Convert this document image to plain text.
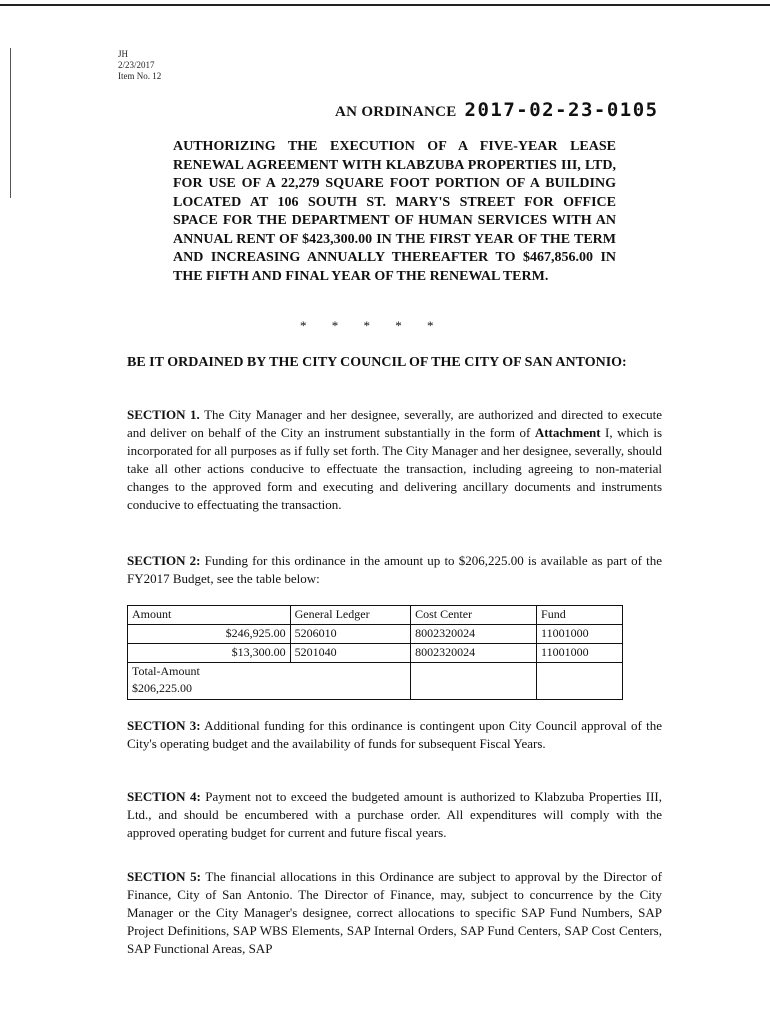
JH
2/23/2017
Item No. 12
AN ORDINANCE 2017-02-23-0105
AUTHORIZING THE EXECUTION OF A FIVE-YEAR LEASE RENEWAL AGREEMENT WITH KLABZUBA PROPERTIES III, LTD, FOR USE OF A 22,279 SQUARE FOOT PORTION OF A BUILDING LOCATED AT 106 SOUTH ST. MARY'S STREET FOR OFFICE SPACE FOR THE DEPARTMENT OF HUMAN SERVICES WITH AN ANNUAL RENT OF $423,300.00 IN THE FIRST YEAR OF THE TERM AND INCREASING ANNUALLY THEREAFTER TO $467,856.00 IN THE FIFTH AND FINAL YEAR OF THE RENEWAL TERM.
* * * * *
BE IT ORDAINED BY THE CITY COUNCIL OF THE CITY OF SAN ANTONIO:
SECTION 1. The City Manager and her designee, severally, are authorized and directed to execute and deliver on behalf of the City an instrument substantially in the form of Attachment I, which is incorporated for all purposes as if fully set forth. The City Manager and her designee, severally, should take all other actions conducive to effectuate the transaction, including agreeing to non-material changes to the approved form and executing and delivering ancillary documents and instruments conducive to effectuating the transaction.
SECTION 2: Funding for this ordinance in the amount up to $206,225.00 is available as part of the FY2017 Budget, see the table below:
Amount	General Ledger	Cost Center	Fund
$246,925.00	5206010	8002320024	11001000
$13,300.00	5201040	8002320024	11001000

Total-Amount
$206,225.00			

SECTION 3: Additional funding for this ordinance is contingent upon City Council approval of the City's operating budget and the availability of funds for subsequent Fiscal Years.
SECTION 4: Payment not to exceed the budgeted amount is authorized to Klabzuba Properties III, Ltd., and should be encumbered with a purchase order. All expenditures will comply with the approved operating budget for current and future fiscal years.
SECTION 5: The financial allocations in this Ordinance are subject to approval by the Director of Finance, City of San Antonio. The Director of Finance, may, subject to concurrence by the City Manager or the City Manager's designee, correct allocations to specific SAP Fund Numbers, SAP Project Definitions, SAP WBS Elements, SAP Internal Orders, SAP Fund Centers, SAP Cost Centers, SAP Functional Areas, SAP
